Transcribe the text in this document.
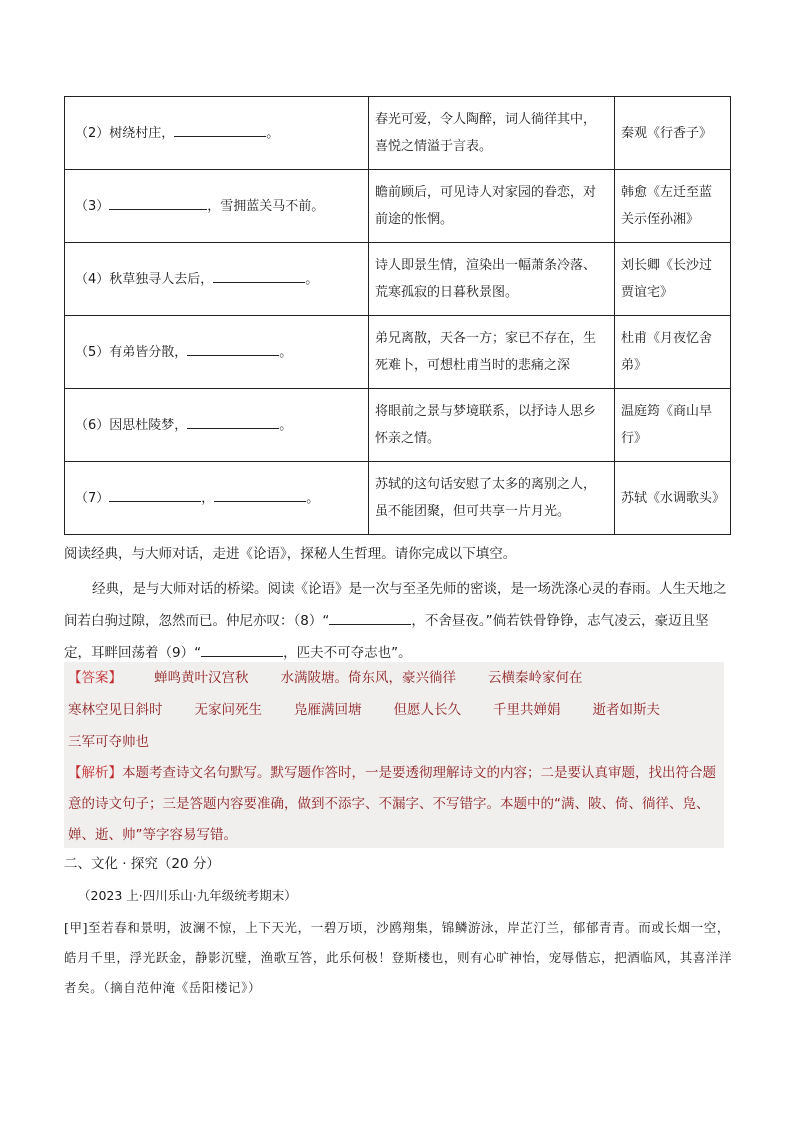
（2）树绕村庄， 。	春光可爱，令人陶醉，词人徜徉其中，喜悦之情溢于言表。	秦观《行香子》
（3） ，雪拥蓝关马不前。	瞻前顾后，可见诗人对家园的眷恋，对前途的怅惘。	韩愈《左迁至蓝关示侄孙湘》
（4）秋草独寻人去后， 。	诗人即景生情，渲染出一幅萧条冷落、荒寒孤寂的日暮秋景图。	刘长卿《长沙过贾谊宅》
（5）有弟皆分散， 。	弟兄离散，天各一方；家已不存在，生死难卜，可想杜甫当时的悲痛之深	杜甫《月夜忆舍弟》
（6）因思杜陵梦， 。	将眼前之景与梦境联系，以抒诗人思乡怀亲之情。	温庭筠《商山早行》
（7） ， 。	苏轼的这句话安慰了太多的离别之人，虽不能团聚，但可共享一片月光。	苏轼《水调歌头》
阅读经典，与大师对话，走进《论语》，探秘人生哲理。请你完成以下填空。
经典，是与大师对话的桥梁。阅读《论语》是一次与至圣先师的密谈，是一场洗涤心灵的春雨。人生天地之间若白驹过隙，忽然而已。仲尼亦叹：（8）“	，不舍昼夜。”倘若铁骨铮铮，志气凌云，豪迈且坚定，耳畔回荡着（9）“	，匹夫不可夺志也”。
【答案】 蝉鸣黄叶汉宫秋 水满陂塘。倚东风，豪兴徜徉 云横秦岭家何在寒林空见日斜时 无家问死生 凫雁满回塘 但愿人长久 千里共婵娟 逝者如斯夫三军可夺帅也
【解析】本题考查诗文名句默写。默写题作答时，一是要透彻理解诗文的内容；二是要认真审题，找出符合题意的诗文句子；三是答题内容要准确，做到不添字、不漏字、不写错字。本题中的“满、陂、倚、徜徉、凫、婵、逝、帅”等字容易写错。
二、文化 · 探究（20 分）
（2023 上·四川乐山·九年级统考期末）
[甲]至若春和景明，波澜不惊，上下天光，一碧万顷，沙鸥翔集，锦鳞游泳，岸芷汀兰，郁郁青青。而或长烟一空，皓月千里，浮光跃金，静影沉璧，渔歌互答，此乐何极！登斯楼也，则有心旷神怡，宠辱偕忘，把酒临风，其喜洋洋者矣。（摘自范仲淹《岳阳楼记》）
